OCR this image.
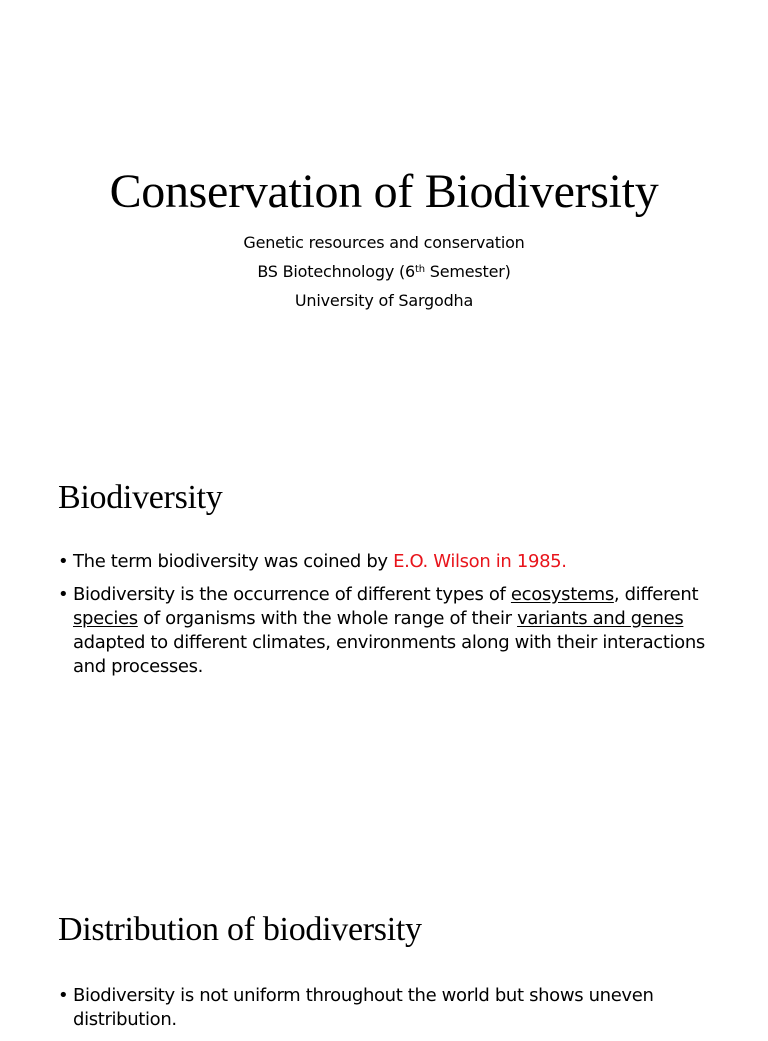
Conservation of Biodiversity
Genetic resources and conservation
BS Biotechnology (6th Semester)
University of Sargodha
Biodiversity
• The term biodiversity was coined by E.O. Wilson in 1985.
• Biodiversity is the occurrence of different types of ecosystems, different species of organisms with the whole range of their variants and genes adapted to different climates, environments along with their interactions and processes.
Distribution of biodiversity
• Biodiversity is not uniform throughout the world but shows uneven distribution.
